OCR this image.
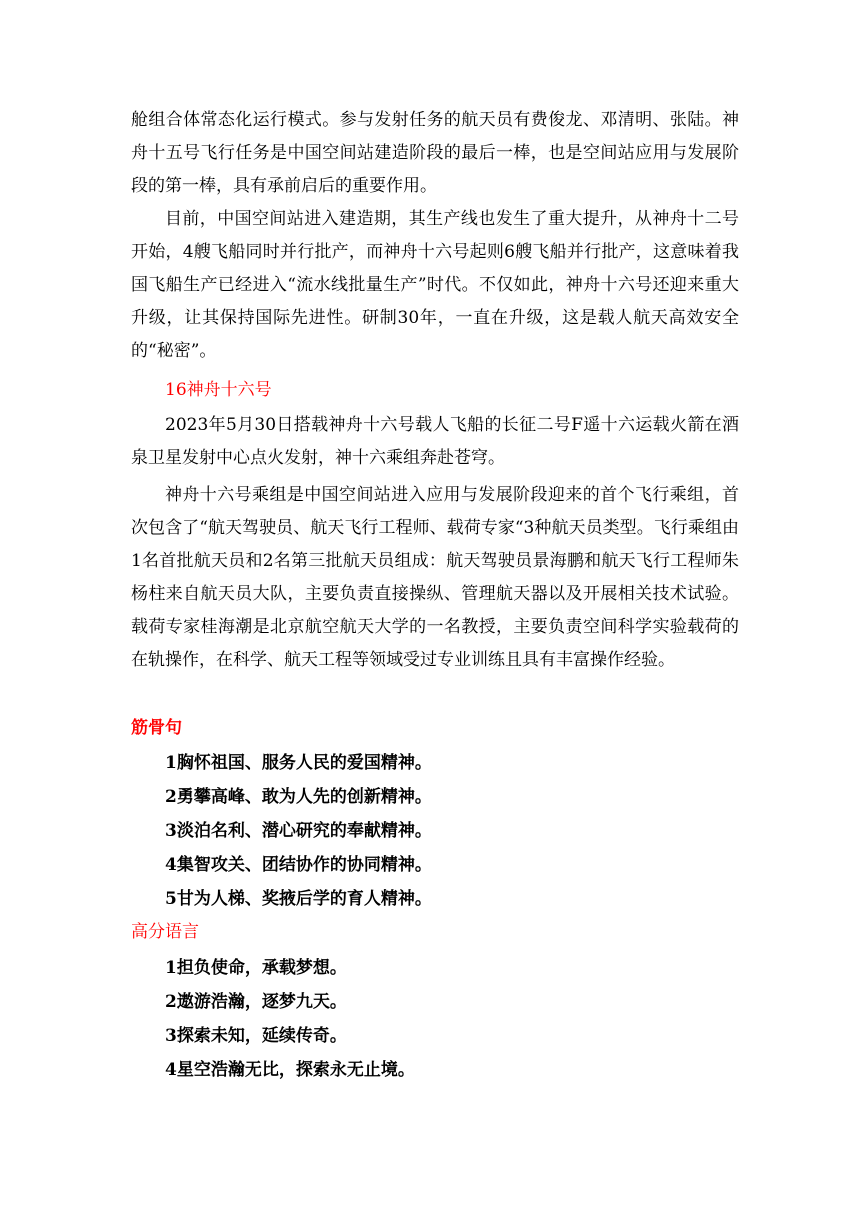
舱组合体常态化运行模式。参与发射任务的航天员有费俊龙、邓清明、张陆。神舟十五号飞行任务是中国空间站建造阶段的最后一棒，也是空间站应用与发展阶段的第一棒，具有承前启后的重要作用。

目前，中国空间站进入建造期，其生产线也发生了重大提升，从神舟十二号开始，4艘飞船同时并行批产，而神舟十六号起则6艘飞船并行批产，这意味着我国飞船生产已经进入“流水线批量生产”时代。不仅如此，神舟十六号还迎来重大升级，让其保持国际先进性。研制30年，一直在升级，这是载人航天高效安全的“秘密”。

16神舟十六号

2023年5月30日搭载神舟十六号载人飞船的长征二号F遥十六运载火箭在酒泉卫星发射中心点火发射，神十六乘组奔赴苍穹。

神舟十六号乘组是中国空间站进入应用与发展阶段迎来的首个飞行乘组，首次包含了“航天驾驶员、航天飞行工程师、载荷专家“3种航天员类型。飞行乘组由1名首批航天员和2名第三批航天员组成：航天驾驶员景海鹏和航天飞行工程师朱杨柱来自航天员大队，主要负责直接操纵、管理航天器以及开展相关技术试验。载荷专家桂海潮是北京航空航天大学的一名教授，主要负责空间科学实验载荷的在轨操作，在科学、航天工程等领域受过专业训练且具有丰富操作经验。

筋骨句
1胸怀祖国、服务人民的爱国精神。
2勇攀高峰、敢为人先的创新精神。
3淡泊名利、潜心研究的奉献精神。
4集智攻关、团结协作的协同精神。
5甘为人梯、奖掖后学的育人精神。
高分语言
1担负使命，承载梦想。
2遨游浩瀚，逐梦九天。
3探索未知，延续传奇。
4星空浩瀚无比，探索永无止境。
